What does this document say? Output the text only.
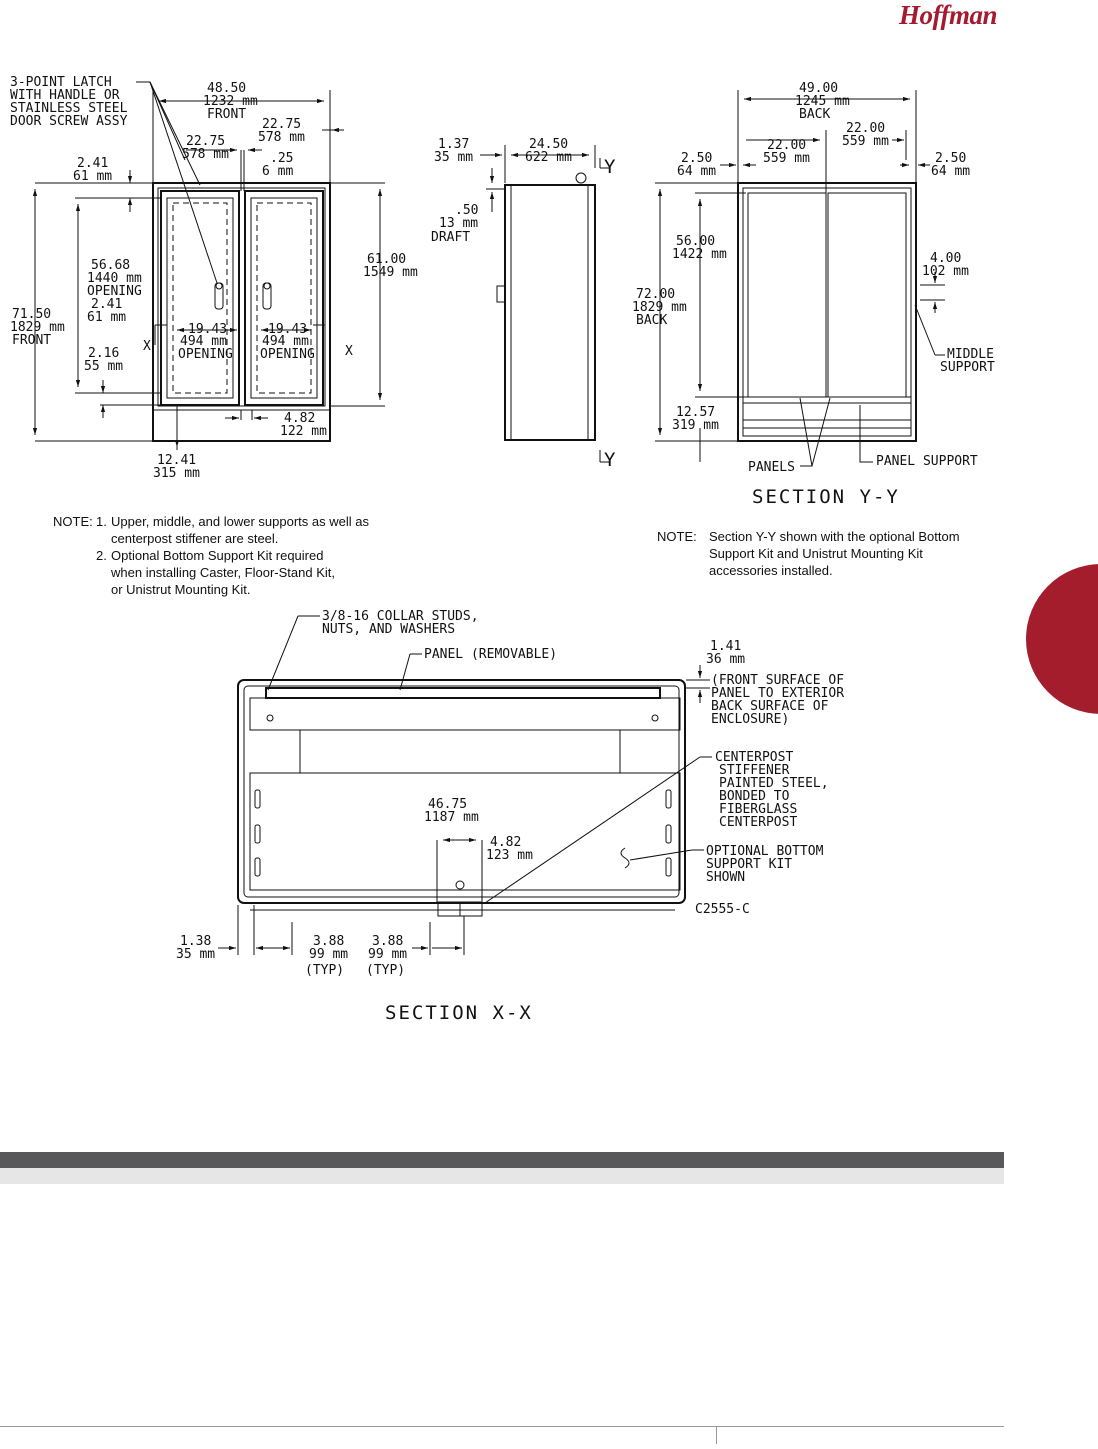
Hoffman
3-POINT LATCH
WITH HANDLE OR
STAINLESS STEEL
DOOR SCREW ASSY
48.50
1232 mm
FRONT
22.75
578 mm
22.75
578 mm
.25
6 mm
2.41
61 mm
56.68
1440 mm
OPENING
2.41
61 mm
71.50
1829 mm
FRONT
2.16
55 mm
61.00
1549 mm
19.43
494 mm
OPENING
19.43
494 mm
OPENING
X	X
12.41
315 mm
4.82
122 mm
1.37
35 mm
24.50
622 mm Y
Y
.50
13 mm
DRAFT
49.00
1245 mm
BACK
22.00
559 mm
22.00
559 mm
2.50
64 mm
2.50
64 mm
56.00
1422 mm
72.00
1829 mm
BACK
4.00
102 mm
MIDDLE
SUPPORT
12.57
319 mm
PANELS	PANEL SUPPORT
SECTION Y-Y
3/8-16 COLLAR STUDS,
NUTS, AND WASHERS
PANEL (REMOVABLE)
1.41
36 mm
(FRONT SURFACE OF
PANEL TO EXTERIOR
BACK SURFACE OF
ENCLOSURE)
CENTERPOST
STIFFENER
PAINTED STEEL,
BONDED TO
FIBERGLASS
CENTERPOST
46.75
1187 mm
4.82
123 mm	OPTIONAL BOTTOM
SUPPORT KIT
SHOWN
C2555-C
1.38
35 mm
3.88
99 mm
(TYP)
3.88
99 mm
(TYP)
SECTION X-X
NOTE: 1. Upper, middle, and lower supports as well as
centerpost stiffener are steel.
2. Optional Bottom Support Kit required
when installing Caster, Floor-Stand Kit,
or Unistrut Mounting Kit.
NOTE: Section Y-Y shown with the optional Bottom
Support Kit and Unistrut Mounting Kit
accessories installed.
